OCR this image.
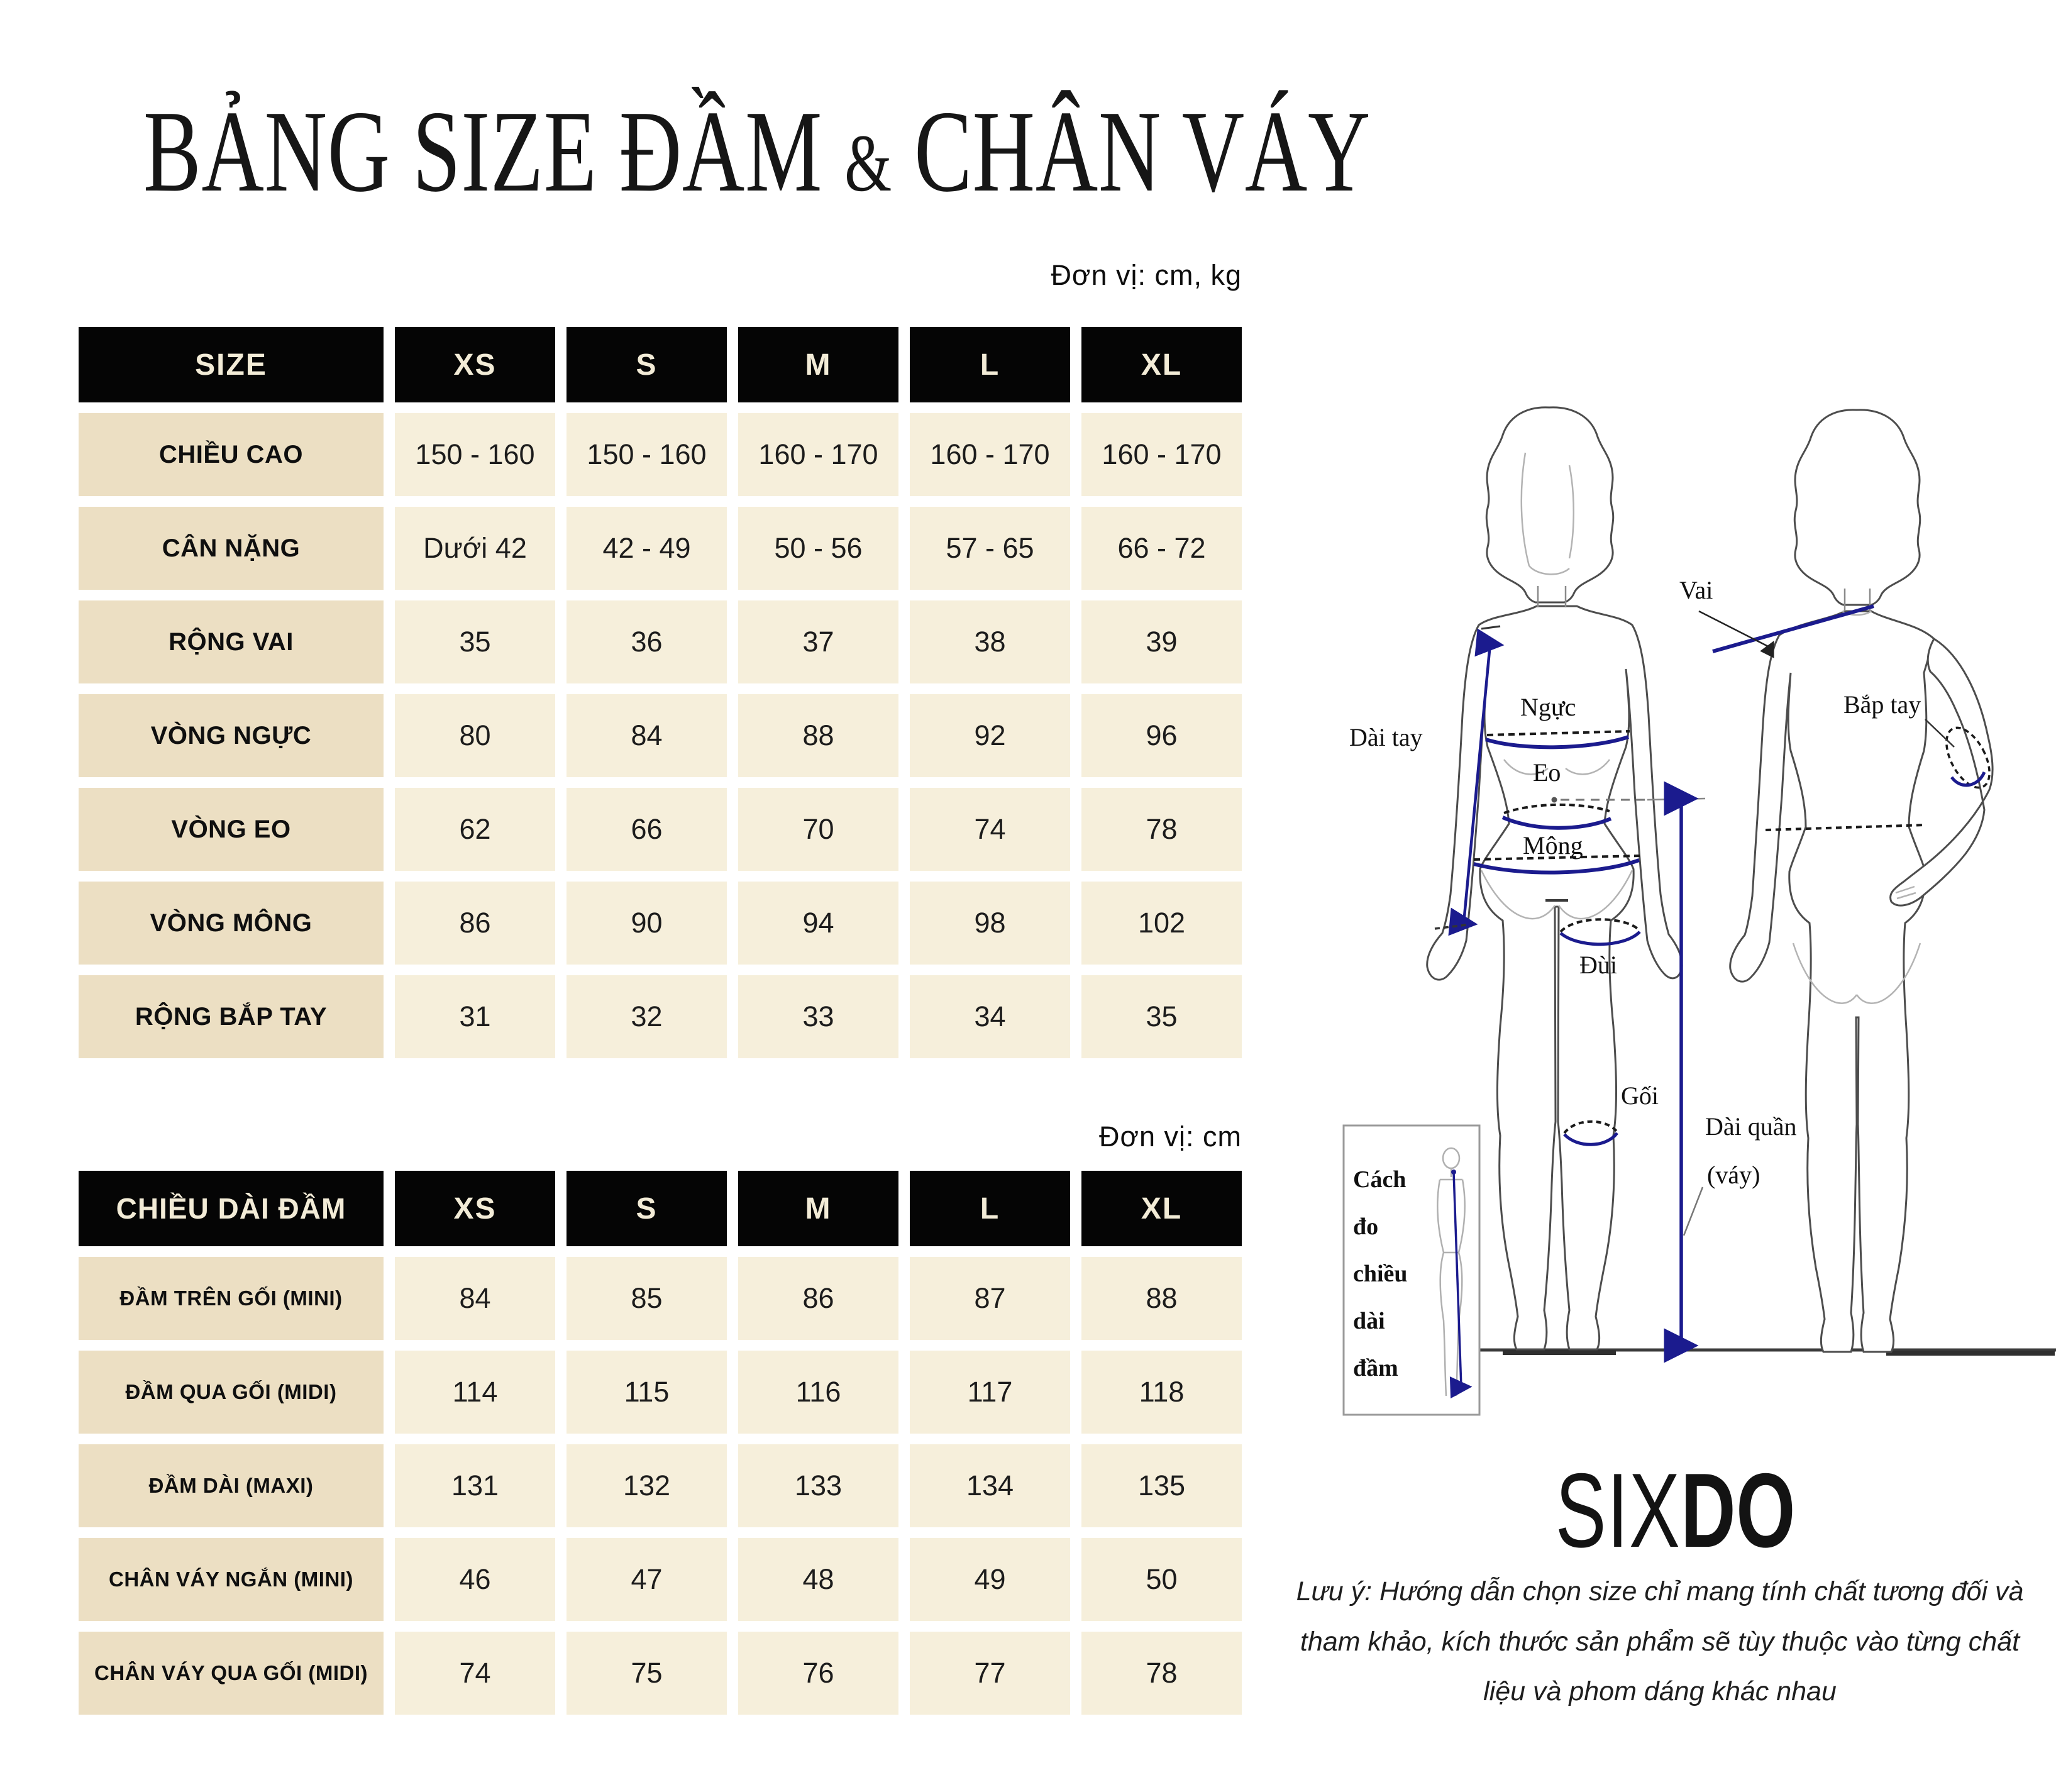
BẢNG SIZE ĐẦM & CHÂN VÁY
Đơn vị: cm, kg
SIZE	XS	S	M	L	XL
CHIỀU CAO	150 - 160	150 - 160	160 - 170	160 - 170	160 - 170
CÂN NẶNG	Dưới 42	42 - 49	50 - 56	57 - 65	66 - 72
RỘNG VAI	35	36	37	38	39
VÒNG NGỰC	80	84	88	92	96
VÒNG EO	62	66	70	74	78
VÒNG MÔNG	86	90	94	98	102
RỘNG BẮP TAY	31	32	33	34	35
Đơn vị: cm
CHIỀU DÀI ĐẦM	XS	S	M	L	XL
ĐẦM TRÊN GỐI (MINI)	84	85	86	87	88
ĐẦM QUA GỐI (MIDI)	114	115	116	117	118
ĐẦM DÀI (MAXI)	131	132	133	134	135
CHÂN VÁY NGẮN (MINI)	46	47	48	49	50
CHÂN VÁY QUA GỐI (MIDI)	74	75	76	77	78
Vai
Ngực
Eo
Mông
Dài tay
Bắp tay
Đùi
Gối
Dài quần
(váy)
Cách
đo
chiều
dài
đầm
SIXDO
Lưu ý: Hướng dẫn chọn size chỉ mang tính chất tương đối và tham khảo, kích thước sản phẩm sẽ tùy thuộc vào từng chất liệu và phom dáng khác nhau
